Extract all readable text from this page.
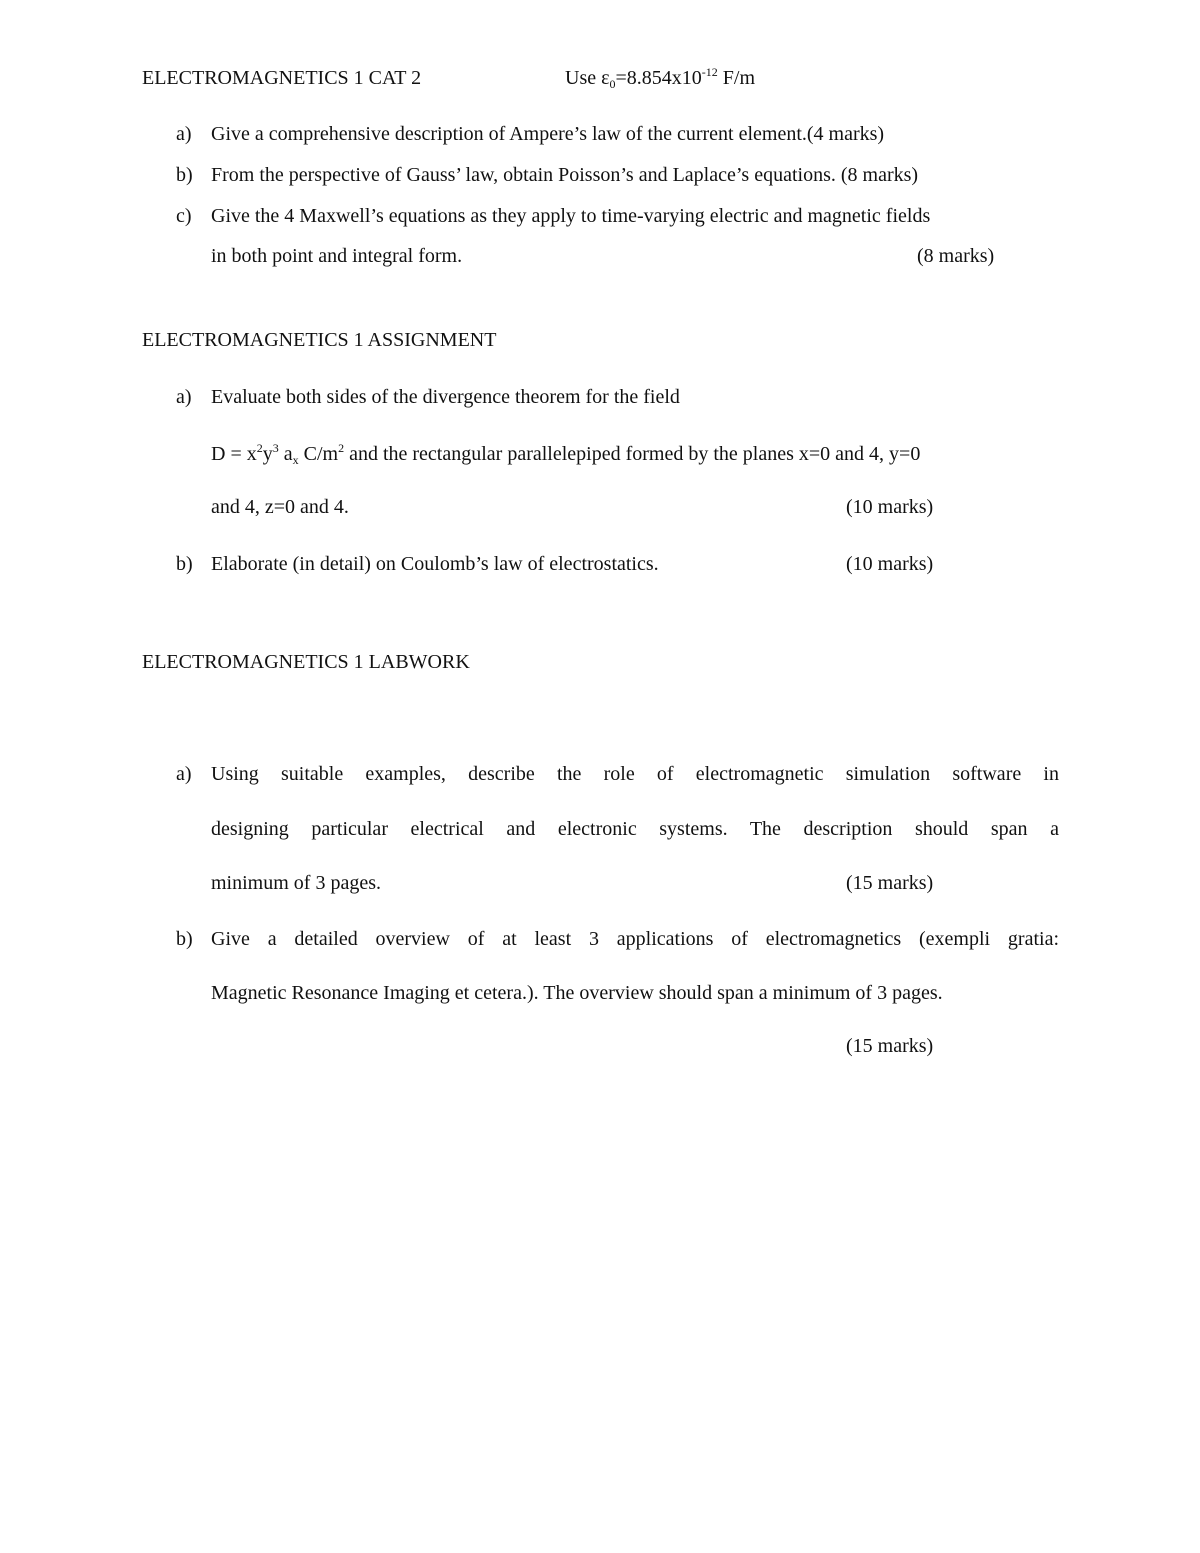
ELECTROMAGNETICS 1 CAT 2	Use $\varepsilon_0=8.854x10^{-12}$ F/m
a) Give a comprehensive description of Ampere’s law of the current element.(4 marks)
b) From the perspective of Gauss’ law, obtain Poisson’s and Laplace’s equations. (8 marks)
c) Give the 4 Maxwell’s equations as they apply to time-varying electric and magnetic fields
in both point and integral form.	(8 marks)
ELECTROMAGNETICS 1 ASSIGNMENT
a) Evaluate both sides of the divergence theorem for the field
$D = x^2y^3$ $a_x$ $C/m^2$ and the rectangular parallelepiped formed by the planes x=0 and 4, y=0
and 4, z=0 and 4.	(10 marks)
b) Elaborate (in detail) on Coulomb’s law of electrostatics.	(10 marks)
ELECTROMAGNETICS 1 LABWORK
a) Using suitable examples, describe the role of electromagnetic simulation software in
designing particular electrical and electronic systems. The description should span a
minimum of 3 pages.	(15 marks)
b) Give a detailed overview of at least 3 applications of electromagnetics (exempli gratia:
Magnetic Resonance Imaging et cetera.). The overview should span a minimum of 3 pages.
(15 marks)
